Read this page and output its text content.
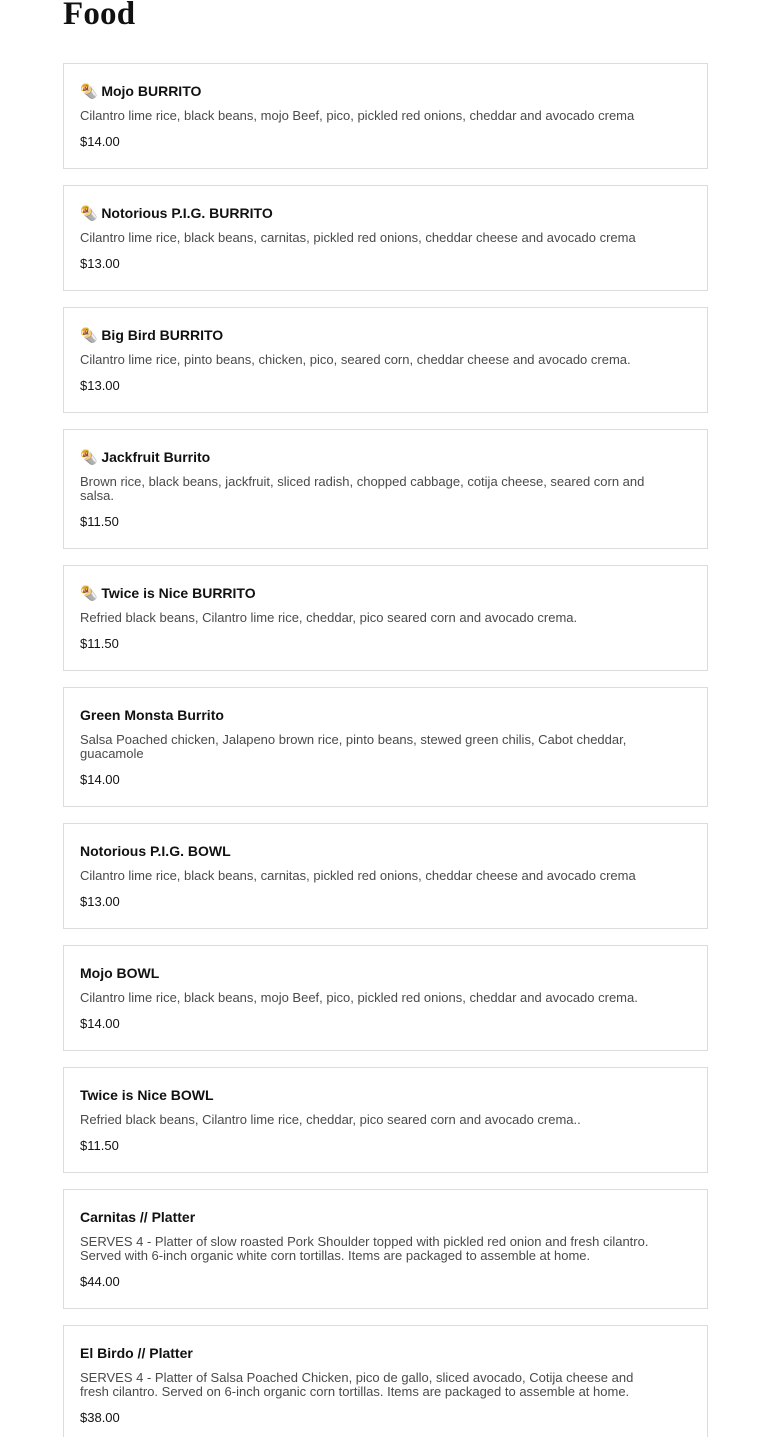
Food
🌯 Mojo BURRITO
Cilantro lime rice, black beans, mojo Beef, pico, pickled red onions, cheddar and avocado crema
$14.00
🌯 Notorious P.I.G. BURRITO
Cilantro lime rice, black beans, carnitas, pickled red onions, cheddar cheese and avocado crema
$13.00
🌯 Big Bird BURRITO
Cilantro lime rice, pinto beans, chicken, pico, seared corn, cheddar cheese and avocado crema.
$13.00
🌯 Jackfruit Burrito
Brown rice, black beans, jackfruit, sliced radish, chopped cabbage, cotija cheese, seared corn and salsa.
$11.50
🌯 Twice is Nice BURRITO
Refried black beans, Cilantro lime rice, cheddar, pico seared corn and avocado crema.
$11.50
Green Monsta Burrito
Salsa Poached chicken, Jalapeno brown rice, pinto beans, stewed green chilis, Cabot cheddar, guacamole
$14.00
Notorious P.I.G. BOWL
Cilantro lime rice, black beans, carnitas, pickled red onions, cheddar cheese and avocado crema
$13.00
Mojo BOWL
Cilantro lime rice, black beans, mojo Beef, pico, pickled red onions, cheddar and avocado crema.
$14.00
Twice is Nice BOWL
Refried black beans, Cilantro lime rice, cheddar, pico seared corn and avocado crema..
$11.50
Carnitas // Platter
SERVES 4 - Platter of slow roasted Pork Shoulder topped with pickled red onion and fresh cilantro. Served with 6-inch organic white corn tortillas. Items are packaged to assemble at home.
$44.00
El Birdo // Platter
SERVES 4 - Platter of Salsa Poached Chicken, pico de gallo, sliced avocado, Cotija cheese and fresh cilantro. Served on 6-inch organic corn tortillas. Items are packaged to assemble at home.
$38.00
